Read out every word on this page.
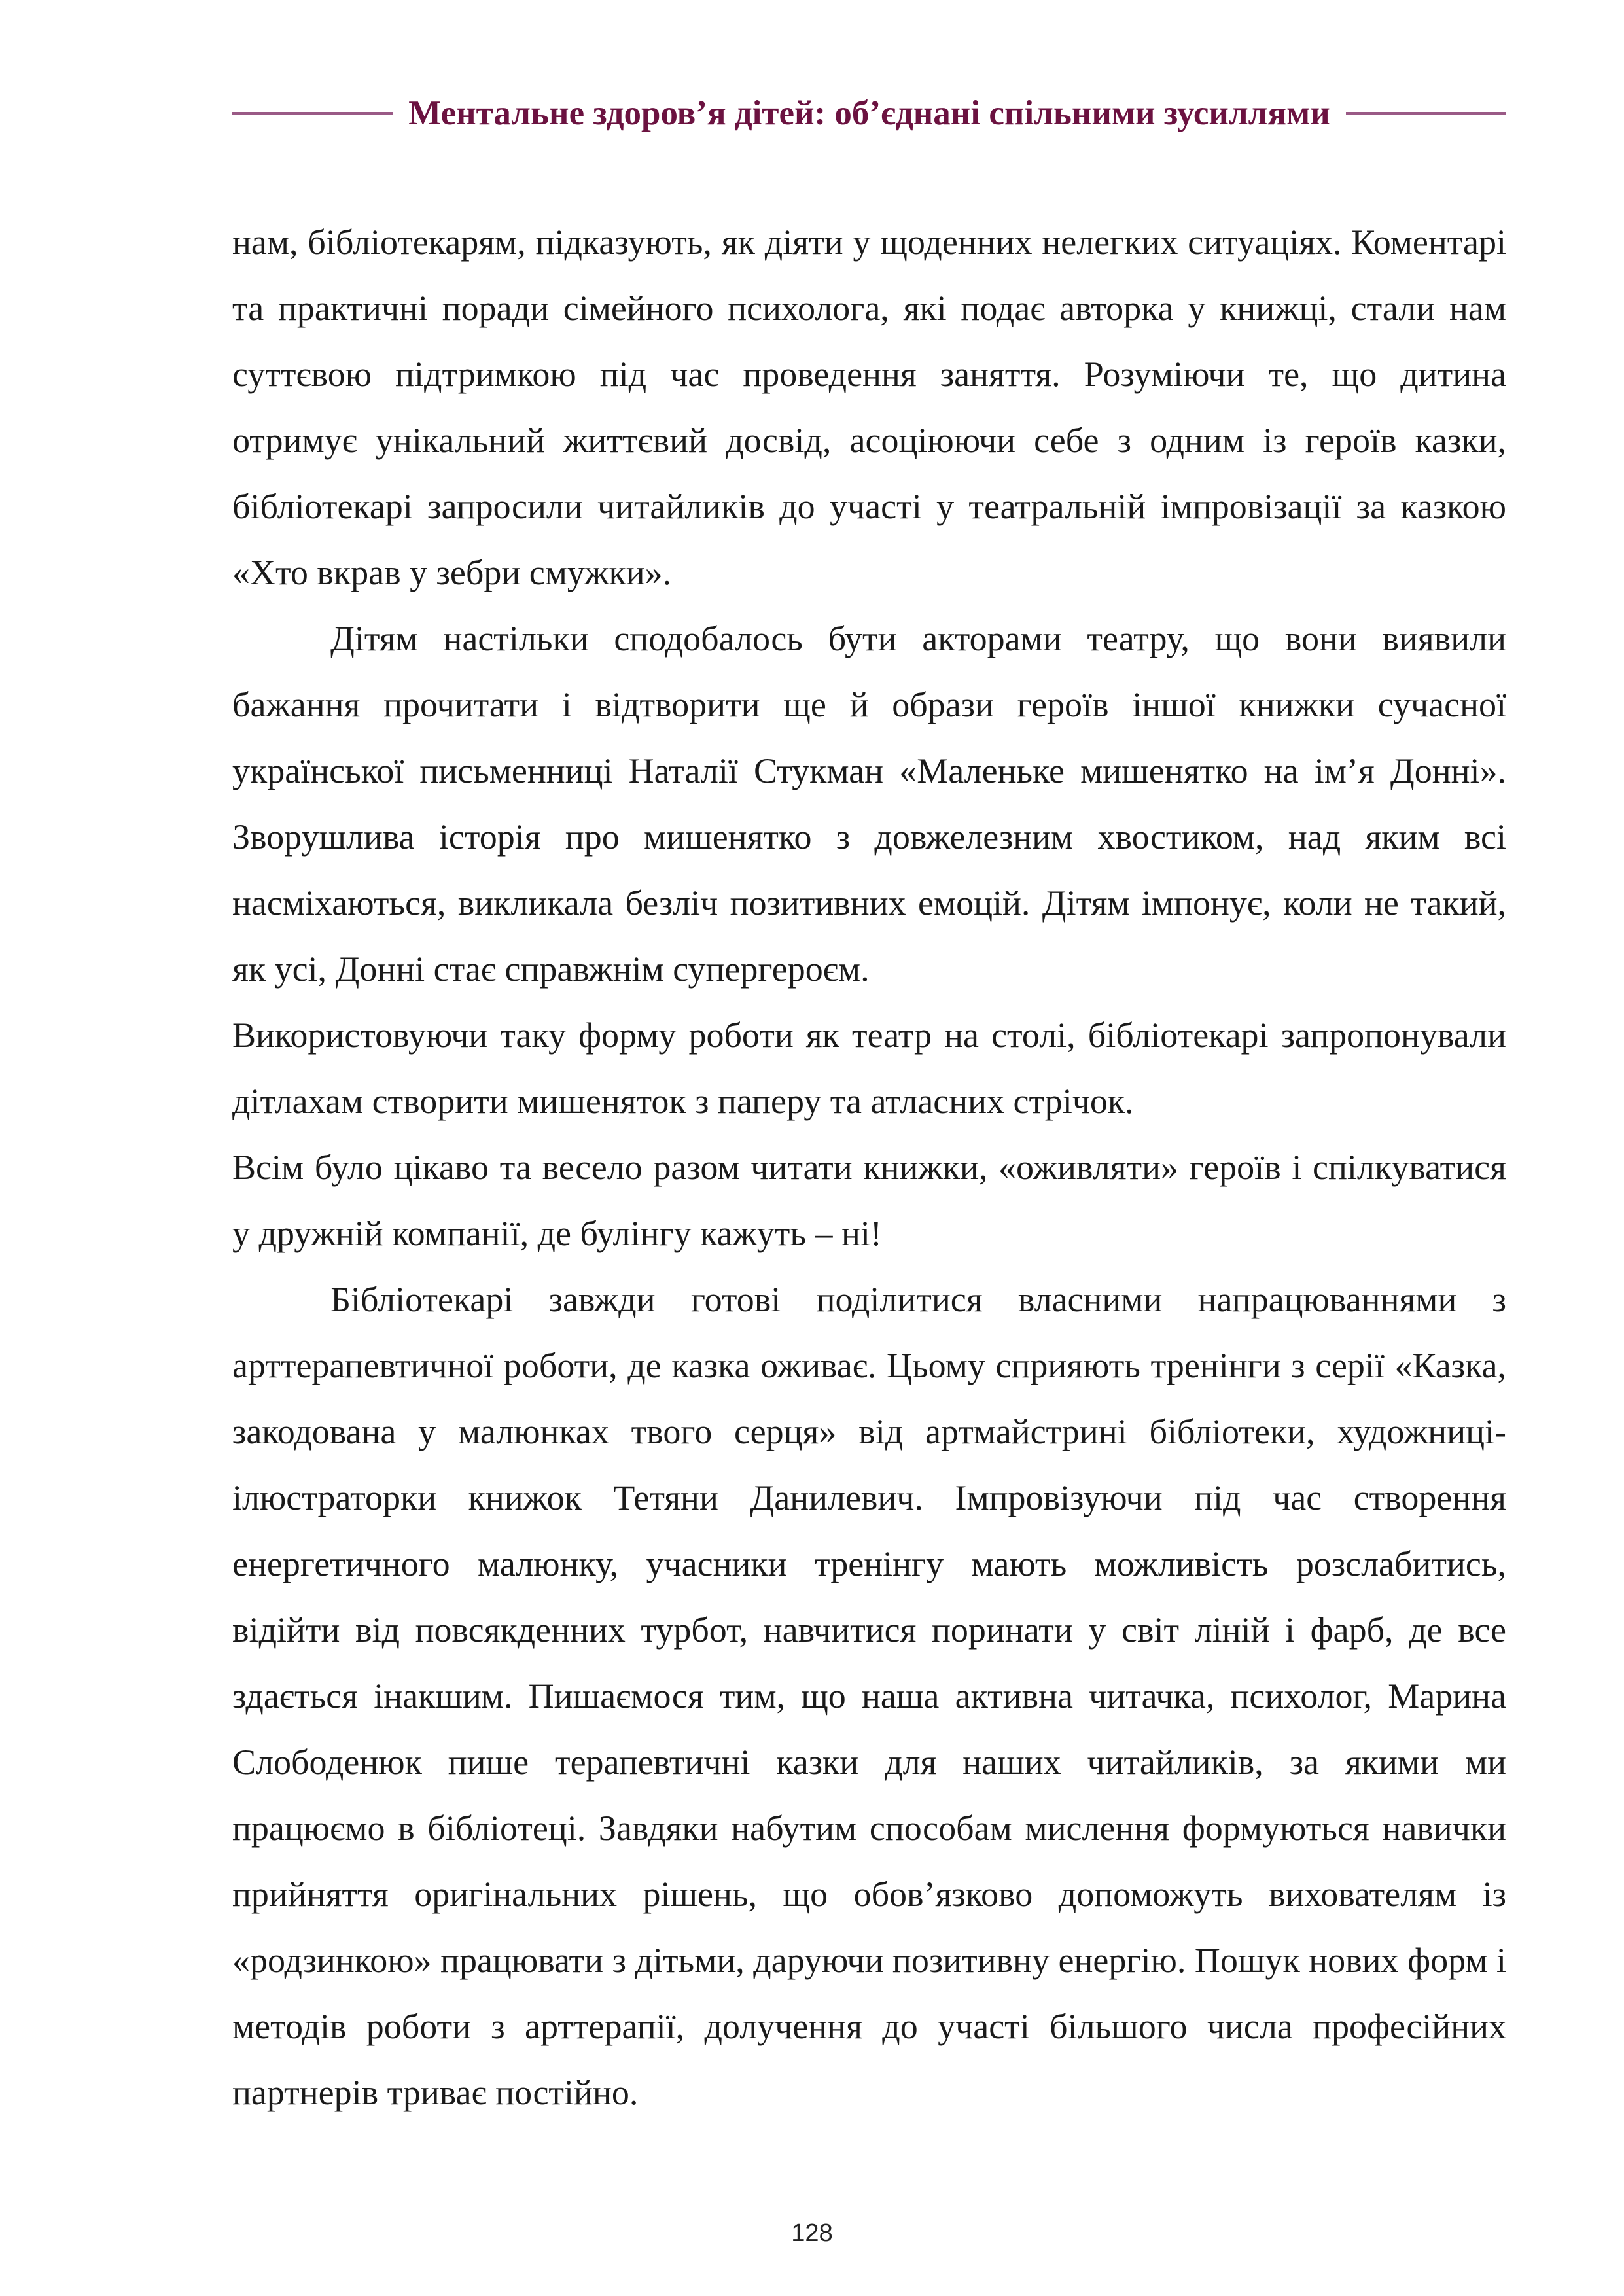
Ментальне здоров’я дітей: об’єднані спільними зусиллями

нам, бібліотекарям, підказують, як діяти у щоденних нелегких ситуаціях. Коментарі та практичні поради сімейного психолога, які подає авторка у книжці, стали нам суттєвою підтримкою під час проведення заняття. Розуміючи те, що дитина отримує унікальний життєвий досвід, асоціюючи себе з одним із героїв казки, бібліотекарі запросили читайликів до участі у театральній імпровізації за казкою «Хто вкрав у зебри смужки».

Дітям настільки сподобалось бути акторами театру, що вони виявили бажання прочитати і відтворити ще й образи героїв іншої книжки сучасної української письменниці Наталії Стукман «Маленьке мишенятко на ім’я Донні». Зворушлива історія про мишенятко з довжелезним хвостиком, над яким всі насміхаються, викликала безліч позитивних емоцій. Дітям імпонує, коли не такий, як усі, Донні стає справжнім супергероєм.

Використовуючи таку форму роботи як театр на столі, бібліотекарі запропонували дітлахам створити мишеняток з паперу та атласних стрічок.

Всім було цікаво та весело разом читати книжки, «оживляти» героїв і спілкуватися у дружній компанії, де булінгу кажуть – ні!

Бібліотекарі завжди готові поділитися власними напрацюваннями з арттерапевтичної роботи, де казка оживає. Цьому сприяють тренінги з серії «Казка, закодована у малюнках твого серця» від артмайстрині бібліотеки, художниці-ілюстраторки книжок Тетяни Данилевич. Імпровізуючи під час створення енергетичного малюнку, учасники тренінгу мають можливість розслабитись, відійти від повсякденних турбот, навчитися поринати у світ ліній і фарб, де все здається інакшим. Пишаємося тим, що наша активна читачка, психолог, Марина Слободенюк пише терапевтичні казки для наших читайликів, за якими ми працюємо в бібліотеці. Завдяки набутим способам мислення формуються навички прийняття оригінальних рішень, що обов’язково допоможуть вихователям із «родзинкою» працювати з дітьми, даруючи позитивну енергію. Пошук нових форм і методів роботи з арттерапії, долучення до участі більшого числа професійних партнерів триває постійно.

128
